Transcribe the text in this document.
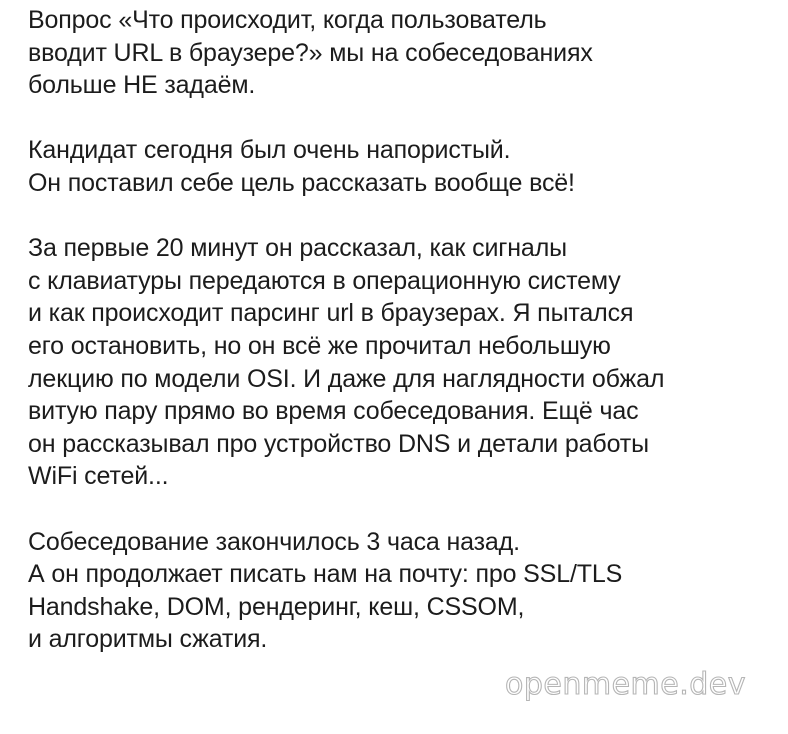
Вопрос «Что происходит, когда пользователь
вводит URL в браузере?» мы на собеседованиях
больше НЕ задаём.

Кандидат сегодня был очень напористый.
Он поставил себе цель рассказать вообще всё!

За первые 20 минут он рассказал, как сигналы
с клавиатуры передаются в операционную систему
и как происходит парсинг url в браузерах. Я пытался
его остановить, но он всё же прочитал небольшую
лекцию по модели OSI. И даже для наглядности обжал
витую пару прямо во время собеседования. Ещё час
он рассказывал про устройство DNS и детали работы
WiFi сетей...

Собеседование закончилось 3 часа назад.
А он продолжает писать нам на почту: про SSL/TLS
Handshake, DOM, рендеринг, кеш, CSSOM,
и алгоритмы сжатия.

openmeme.dev
